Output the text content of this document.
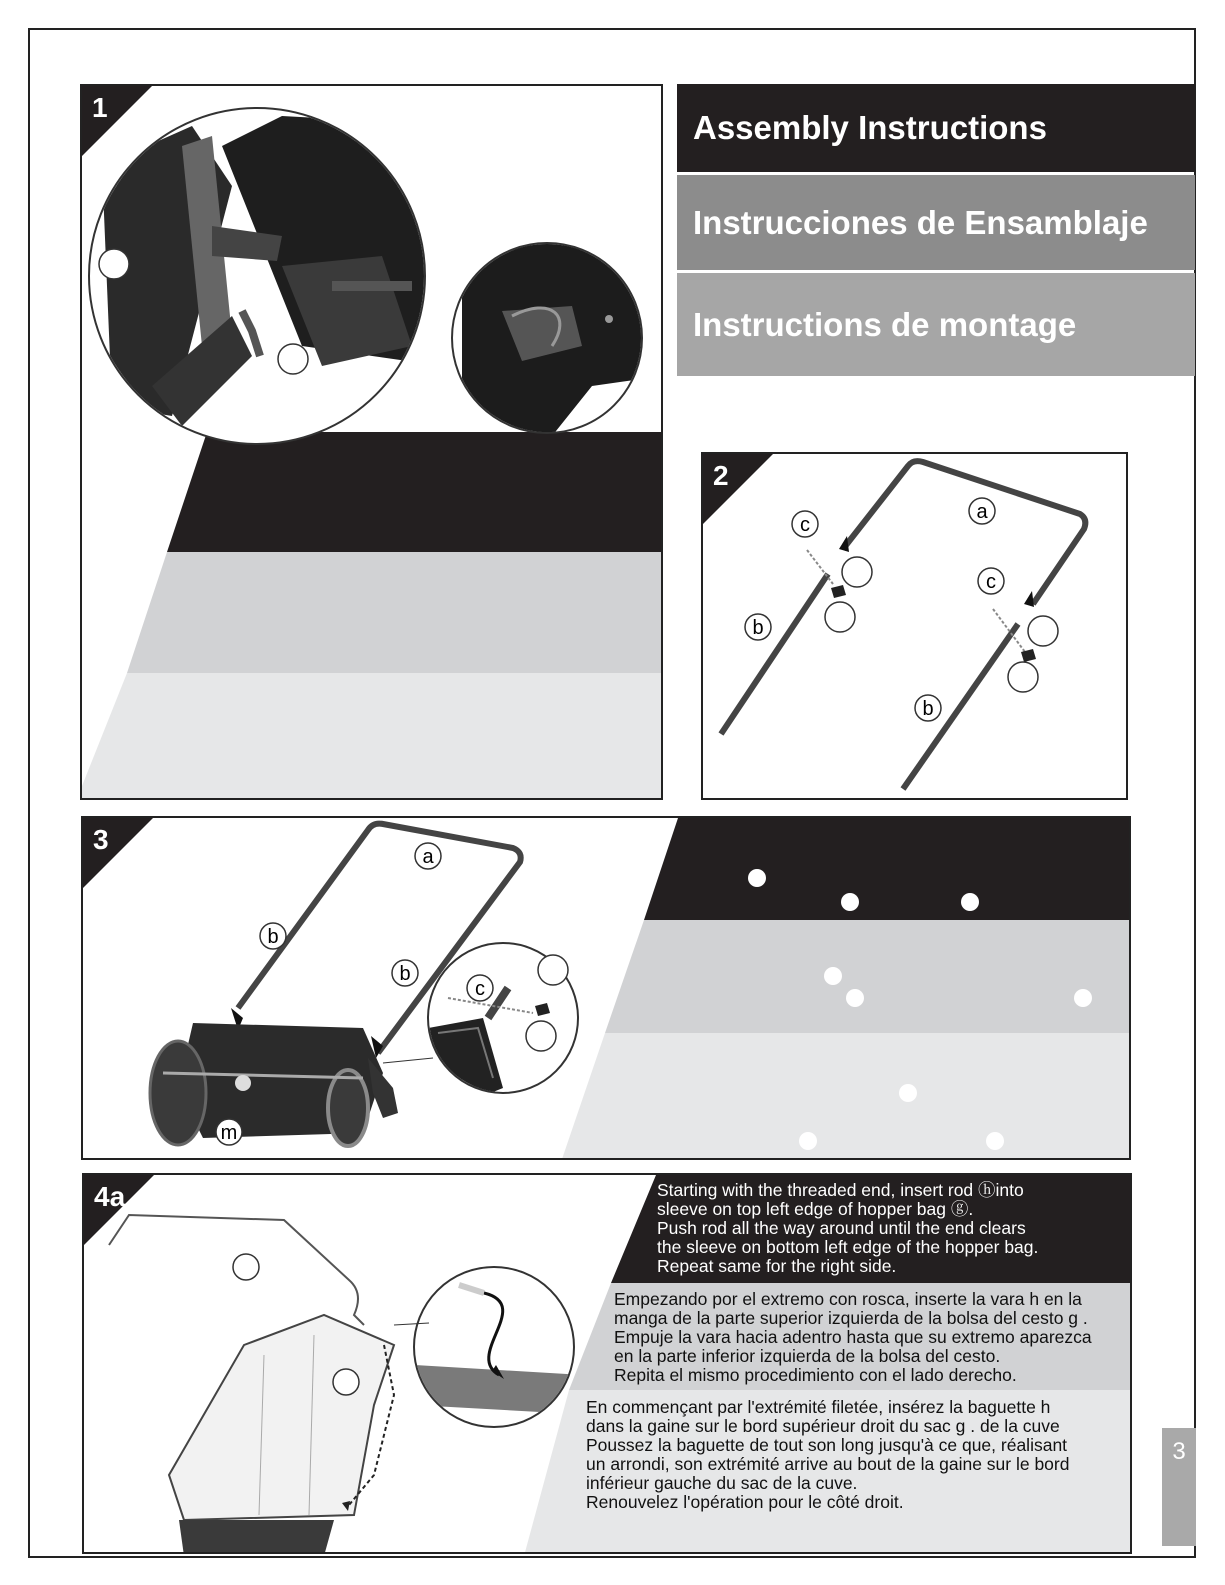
Assembly Instructions
Instrucciones de Ensamblaje
Instructions de montage
1
c
a
c
b
b
2
a
b
b
c
m
3
4a	Starting with the threaded end, insert rod ⓗinto
sleeve on top left edge of hopper bag ⓖ.
Push rod all the way around until the end clears
the sleeve on bottom left edge of the hopper bag.
Repeat same for the right side.
Empezando por el extremo con rosca, inserte la vara h en la
manga de la parte superior izquierda de la bolsa del cesto g .
Empuje la vara hacia adentro hasta que su extremo aparezca
en la parte inferior izquierda de la bolsa del cesto.
Repita el mismo procedimiento con el lado derecho.
En commençant par l'extrémité filetée, insérez la baguette h
dans la gaine sur le bord supérieur droit du sac g . de la cuve
Poussez la baguette de tout son long jusqu'à ce que, réalisant
un arrondi, son extrémité arrive au bout de la gaine sur le bord
inférieur gauche du sac de la cuve.
Renouvelez l'opération pour le côté droit.
3
